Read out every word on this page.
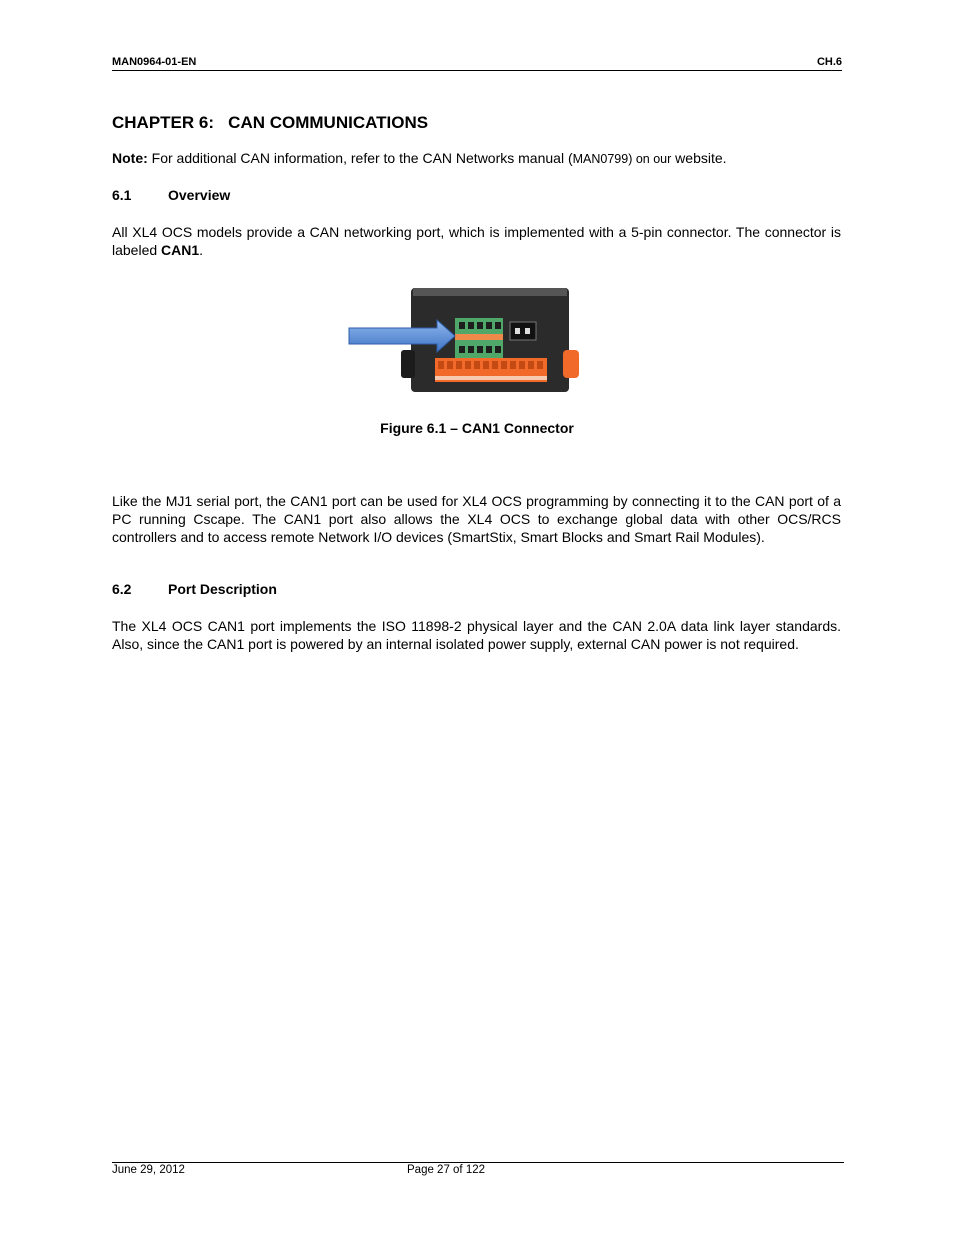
MAN0964-01-EN	CH.6
CHAPTER 6:   CAN COMMUNICATIONS
Note: For additional CAN information, refer to the CAN Networks manual (MAN0799) on our website.
6.1	Overview
All XL4 OCS models provide a CAN networking port, which is implemented with a 5-pin connector. The connector is labeled CAN1.
Figure 6.1 – CAN1 Connector
Like the MJ1 serial port, the CAN1 port can be used for XL4 OCS programming by connecting it to the CAN port of a PC running Cscape. The CAN1 port also allows the XL4 OCS to exchange global data with other OCS/RCS controllers and to access remote Network I/O devices (SmartStix, Smart Blocks and Smart Rail Modules).
6.2	Port Description
The XL4 OCS CAN1 port implements the ISO 11898-2 physical layer and the CAN 2.0A data link layer standards. Also, since the CAN1 port is powered by an internal isolated power supply, external CAN power is not required.
June 29, 2012	Page 27 of 122
